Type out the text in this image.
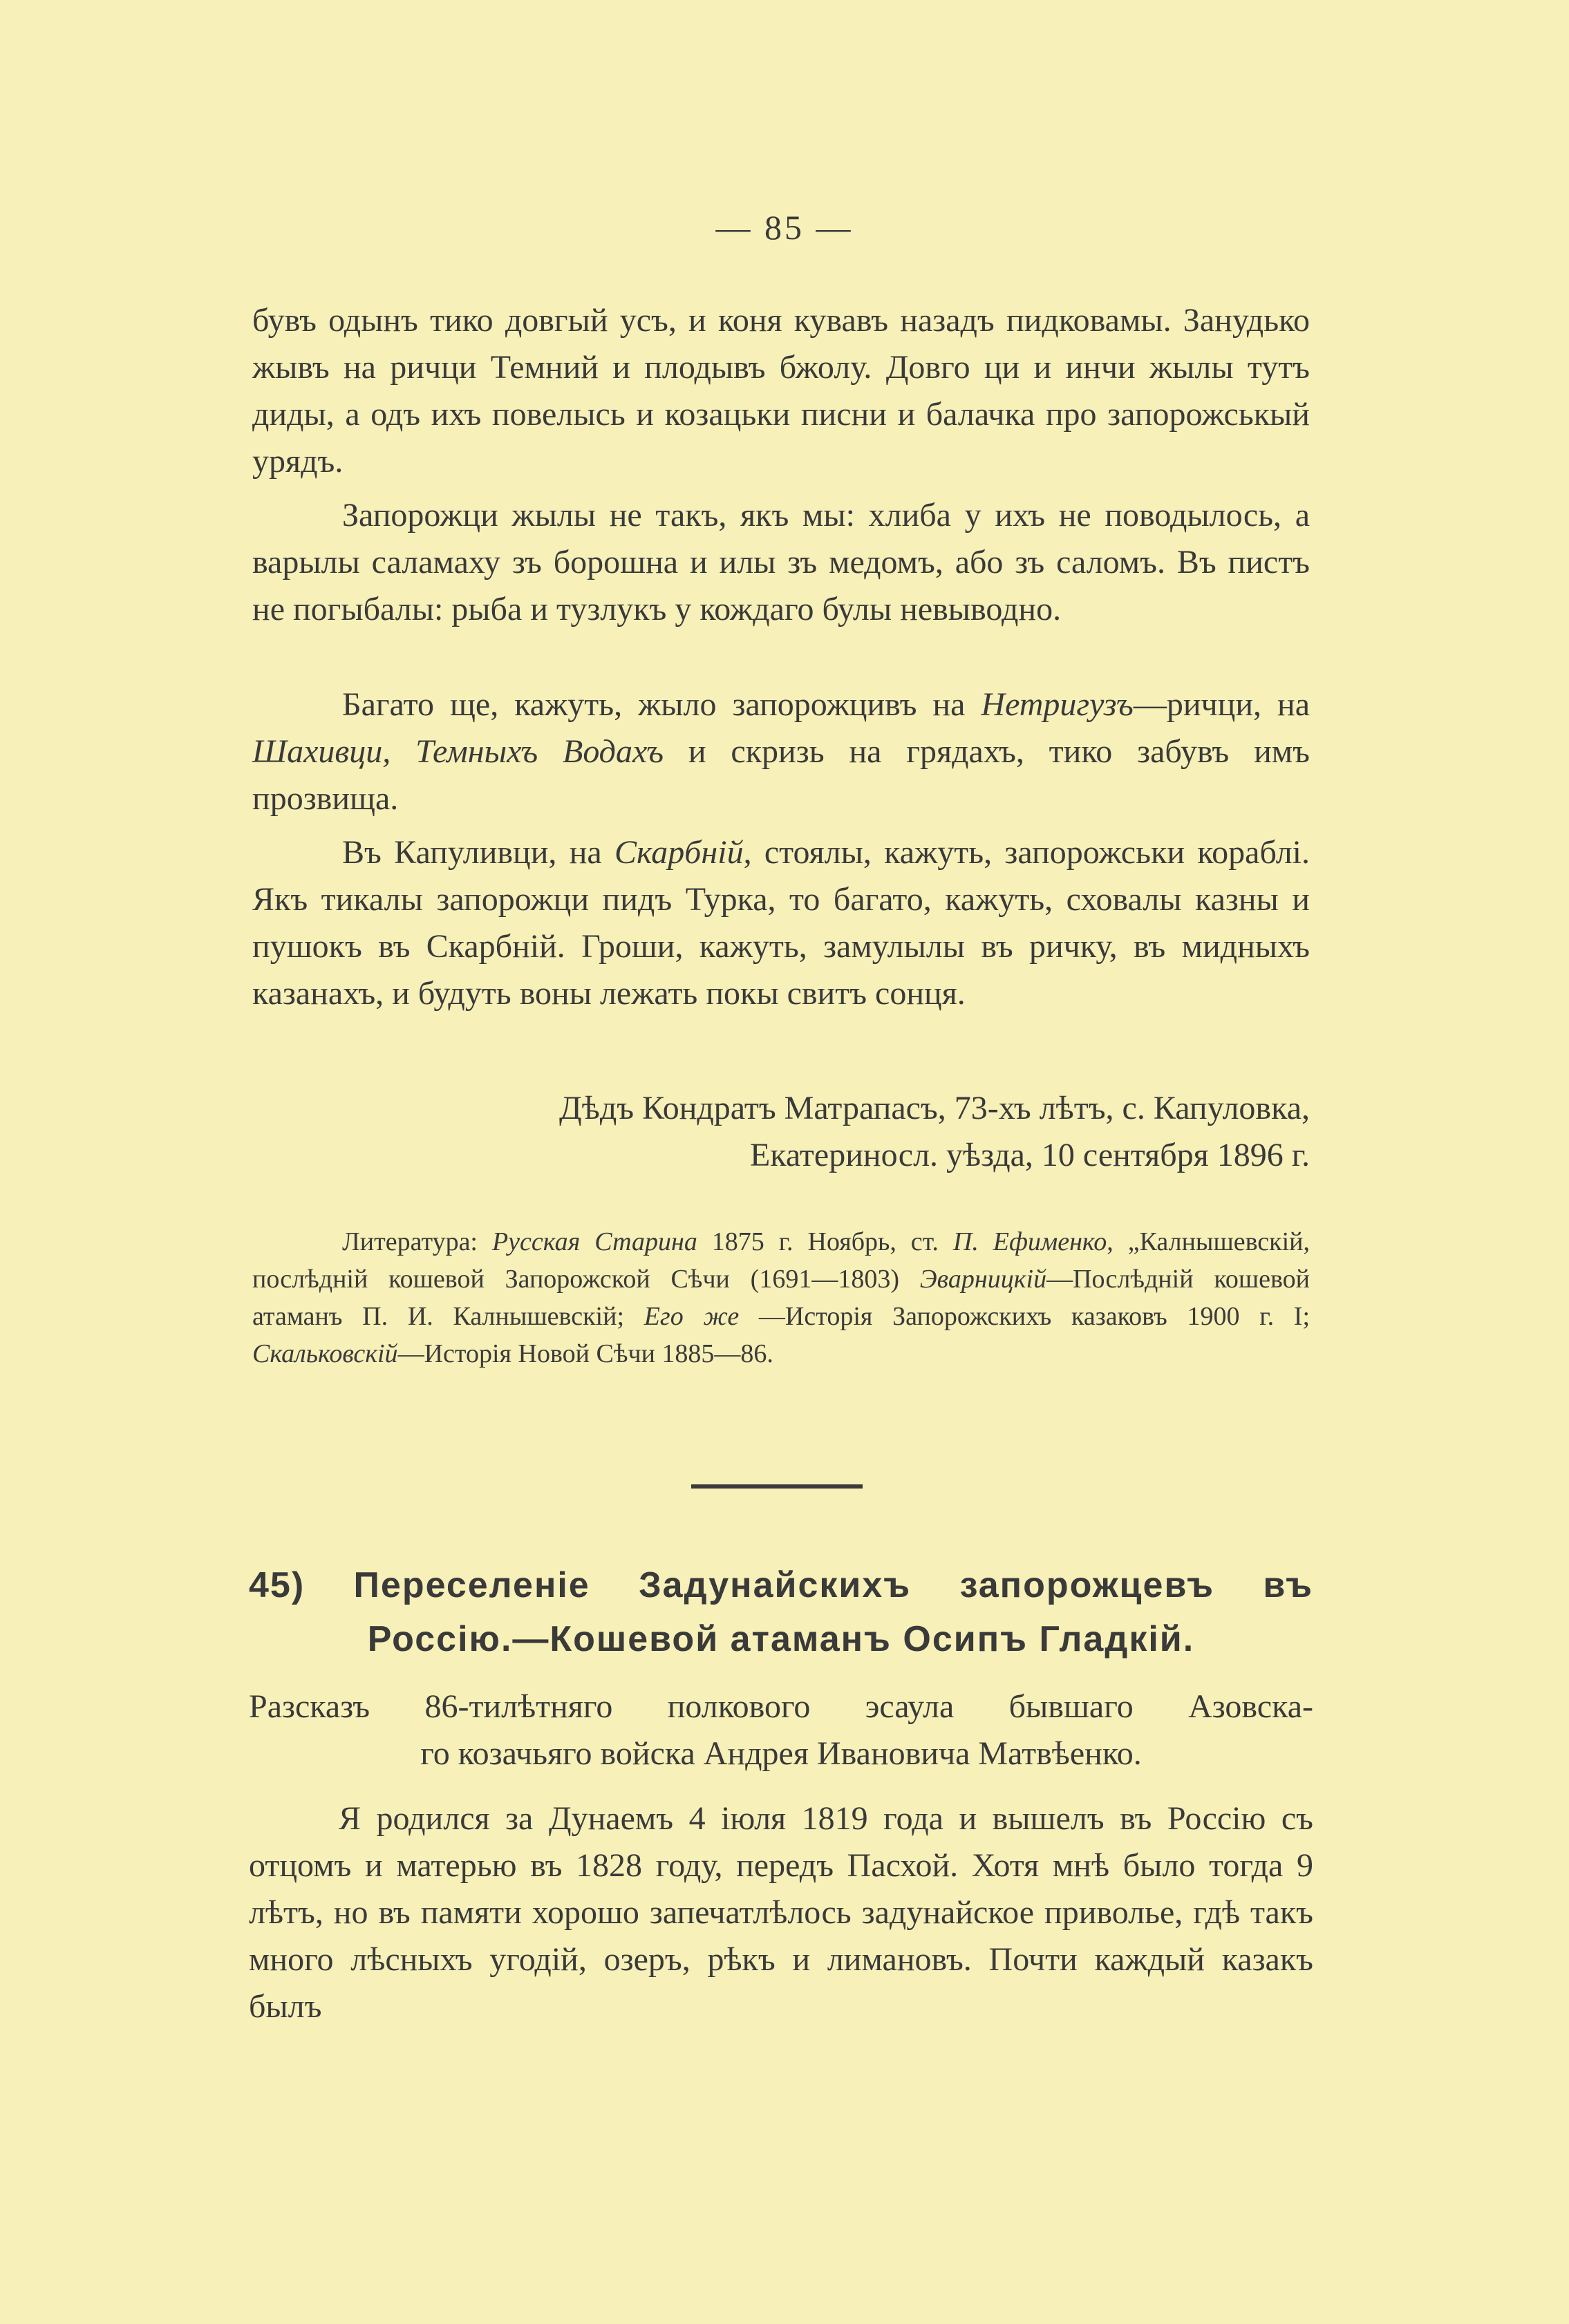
— 85 —

бувъ одынъ тико довгый усъ, и коня кувавъ назадъ пидковамы. Занудько жывъ на ричци Темний и плодывъ бжолу. Довго ци и инчи жылы тутъ диды, а одъ ихъ повелысь и козацьки писни и балачка про запорожськый урядъ.

Запорожци жылы не такъ, якъ мы: хлиба у ихъ не поводылось, а варылы саламаху зъ борошна и илы зъ медомъ, або зъ саломъ. Въ пистъ не погыбалы: рыба и тузлукъ у кождаго булы невыводно.

Багато ще, кажуть, жыло запорожцивъ на Нетригузъ—ричци, на Шахивци, Темныхъ Водахъ и скризь на грядахъ, тико забувъ имъ прозвища.

Въ Капуливци, на Скарбнiй, стоялы, кажуть, запорожськи кораблi. Якъ тикалы запорожци пидъ Турка, то багато, кажуть, сховалы казны и пушокъ въ Скарбнiй. Гроши, кажуть, замулылы въ ричку, въ мидныхъ казанахъ, и будуть воны лежать покы свитъ сонця.

Дѣдъ Кондратъ Матрапасъ, 73-хъ лѣтъ, с. Капуловка, Екатериносл. уѣзда, 10 сентября 1896 г.
Литература: Русская Старина 1875 г. Ноябрь, ст. П. Ефименко, „Калнышевскiй, послѣднiй кошевой Запорожской Сѣчи (1691—1803) Эварницкiй—Послѣднiй кошевой атаманъ П. И. Калнышевскiй; Его же —Исторiя Запорожскихъ казаковъ 1900 г. I; Скальковскiй—Исторiя Новой Сѣчи 1885—86.
45) Переселенiе Задунайскихъ запорожцевъ въ
Россiю.—Кошевой атаманъ Осипъ Гладкiй.
Разсказъ 86-тилѣтняго полкового эсаула бывшаго Азовска-
го козачьяго войска Андрея Ивановича Матвѣенко.
Я родился за Дунаемъ 4 iюля 1819 года и вышелъ въ Россiю съ отцомъ и матерью въ 1828 году, передъ Пасхой. Хотя мнѣ было тогда 9 лѣтъ, но въ памяти хорошо запечатлѣлось задунайское приволье, гдѣ такъ много лѣсныхъ угодiй, озеръ, рѣкъ и лимановъ. Почти каждый казакъ былъ
